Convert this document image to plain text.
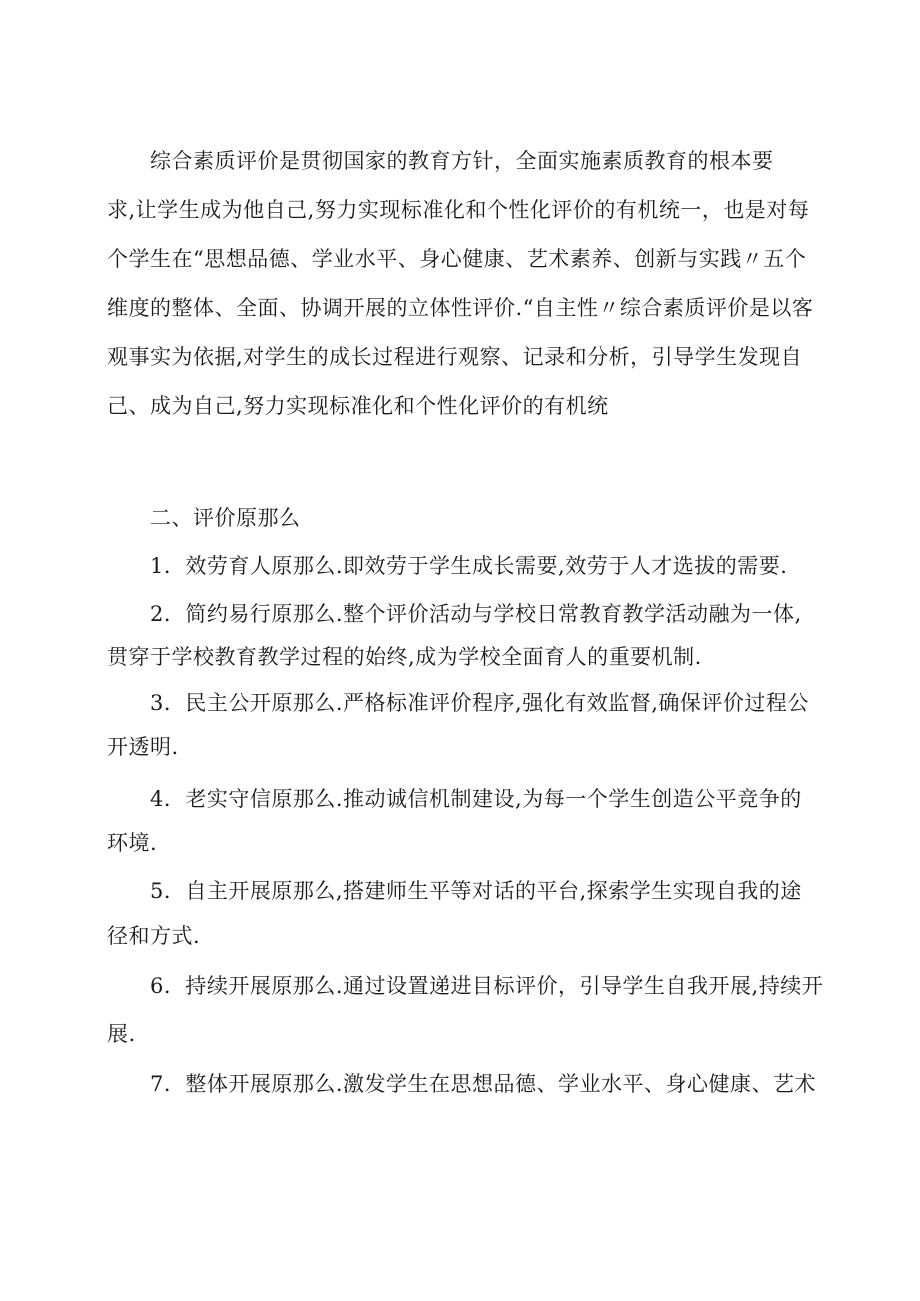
综合素质评价是贯彻国家的教育方针，全面实施素质教育的根本要
求,让学生成为他自己,努力实现标准化和个性化评价的有机统一，也是对每
个学生在“思想品德、学业水平、身心健康、艺术素养、创新与实践〃五个
维度的整体、全面、协调开展的立体性评价.“自主性〃综合素质评价是以客
观事实为依据,对学生的成长过程进行观察、记录和分析，引导学生发现自
己、成为自己,努力实现标准化和个性化评价的有机统
二、评价原那么
1．效劳育人原那么.即效劳于学生成长需要,效劳于人才选拔的需要.
2．简约易行原那么.整个评价活动与学校日常教育教学活动融为一体,
贯穿于学校教育教学过程的始终,成为学校全面育人的重要机制.
3．民主公开原那么.严格标准评价程序,强化有效监督,确保评价过程公
开透明.
4．老实守信原那么.推动诚信机制建设,为每一个学生创造公平竞争的
环境.
5．自主开展原那么,搭建师生平等对话的平台,探索学生实现自我的途
径和方式.
6．持续开展原那么.通过设置递进目标评价，引导学生自我开展,持续开
展.
7．整体开展原那么.激发学生在思想品德、学业水平、身心健康、艺术
